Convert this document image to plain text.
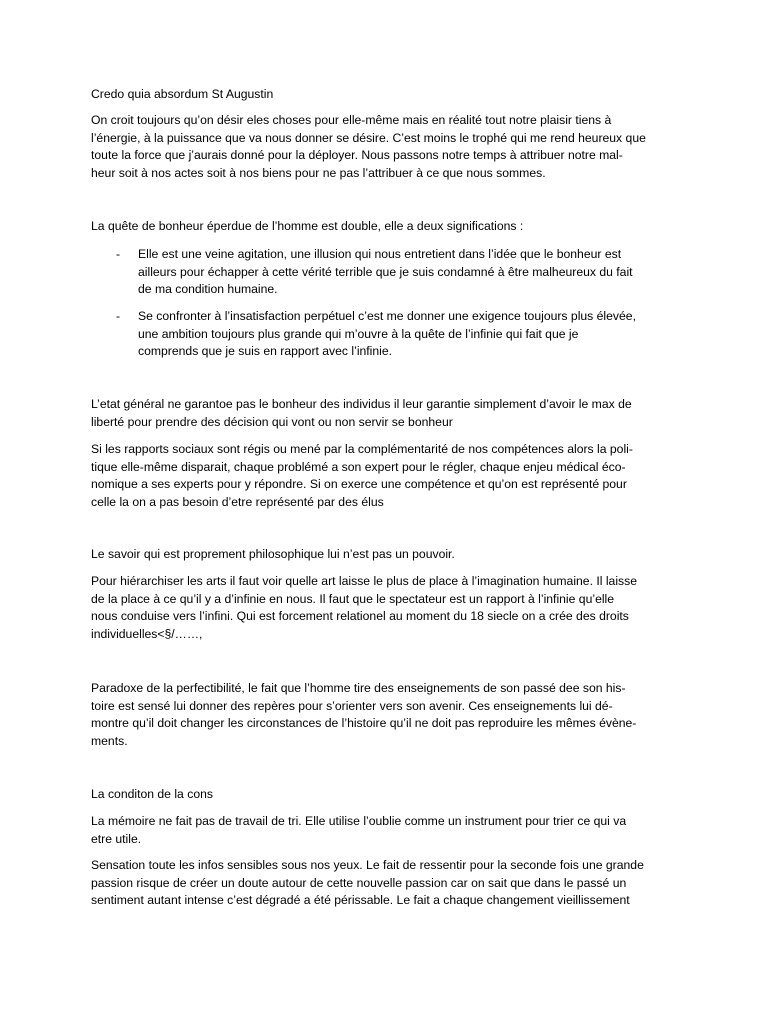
Credo quia absordum St Augustin

On croit toujours qu’on désir eles choses pour elle-même mais en réalité tout notre plaisir tiens à
l’énergie, à la puissance que va nous donner se désire. C’est moins le trophé qui me rend heureux que
toute la force que j’aurais donné pour la déployer. Nous passons notre temps à attribuer notre mal-
heur soit à nos actes soit à nos biens pour ne pas l’attribuer à ce que nous sommes.

La quête de bonheur éperdue de l’homme est double, elle a deux significations :

- Elle est une veine agitation, une illusion qui nous entretient dans l’idée que le bonheur est
ailleurs pour échapper à cette vérité terrible que je suis condamné à être malheureux du fait
de ma condition humaine.

- Se confronter à l’insatisfaction perpétuel c’est me donner une exigence toujours plus élevée,
une ambition toujours plus grande qui m’ouvre à la quête de l’infinie qui fait que je
comprends que je suis en rapport avec l’infinie.

L’etat général ne garantoe pas le bonheur des individus il leur garantie simplement d’avoir le max de
liberté pour prendre des décision qui vont ou non servir se bonheur

Si les rapports sociaux sont régis ou mené par la complémentarité de nos compétences alors la poli-
tique elle-même disparait, chaque problémé a son expert pour le régler, chaque enjeu médical éco-
nomique a ses experts pour y répondre. Si on exerce une compétence et qu’on est représenté pour
celle la on a pas besoin d’etre représenté par des élus

Le savoir qui est proprement philosophique lui n’est pas un pouvoir.

Pour hiérarchiser les arts il faut voir quelle art laisse le plus de place à l’imagination humaine. Il laisse
de la place à ce qu’il y a d’infinie en nous. Il faut que le spectateur est un rapport à l’infinie qu’elle
nous conduise vers l’infini. Qui est forcement relationel au moment du 18 siecle on a crée des droits
individuelles<§/……,

Paradoxe de la perfectibilité, le fait que l’homme tire des enseignements de son passé dee son his-
toire est sensé lui donner des repères pour s’orienter vers son avenir. Ces enseignements lui dé-
montre qu’il doit changer les circonstances de l’histoire qu’il ne doit pas reproduire les mêmes évène-
ments.

La conditon de la cons

La mémoire ne fait pas de travail de tri. Elle utilise l’oublie comme un instrument pour trier ce qui va
etre utile.

Sensation toute les infos sensibles sous nos yeux. Le fait de ressentir pour la seconde fois une grande
passion risque de créer un doute autour de cette nouvelle passion car on sait que dans le passé un
sentiment autant intense c’est dégradé a été périssable. Le fait a chaque changement vieillissement
